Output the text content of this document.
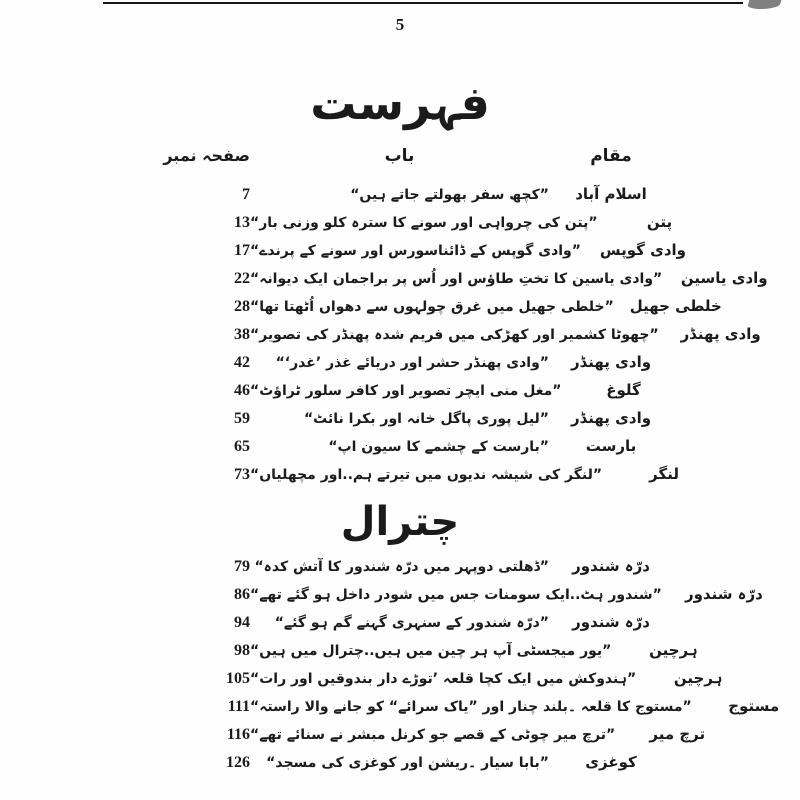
5
فہرست
صفحہ نمبر	باب	مقام
7	”کچھ سفر بھولتے جاتے ہیں“	اسلام آباد
13 ”پتن کی چرواہی اور سونے کا سترہ کلو وزنی بار“	پتن
17 ”وادی گوپس کے ڈائناسورس اور سونے کے پرندے“	وادی گوپس
22 ”وادی یاسین کا تختِ طاؤس اور اُس پر براجمان ایک دیوانہ“	وادی یاسین
28 ”خلطی جھیل میں غرق چولہوں سے دھواں اُٹھتا تھا“	خلطی جھیل
38 ”چھوٹا کشمیر اور کھڑکی میں فریم شدہ پھنڈر کی تصویر“	وادی پھنڈر
42	”وادی پھنڈر حشر اور دریائے غذر ’غدر‘“	وادی پھنڈر
46 ”مغل منی ایچر تصویر اور کافر سلور ٹراؤٹ“	گلوغ
59	”لیل پوری پاگل خانہ اور بکرا نائٹ“	وادی پھنڈر
65	”بارست کے چشمے کا سیون اپ“	بارست
73 ”لنگر کی شیشہ ندیوں میں تیرتے ہم..اور مچھلیاں“	لنگر
چترال
79 ”ڈھلتی دوپہر میں درّہ شندور کا آتش کدہ“	درّہ شندور
86 ”شندور ہٹ..ایک سومنات جس میں شودر داخل ہو گئے تھے“	درّہ شندور
94	”درّہ شندور کے سنہری گہنے گم ہو گئے“	درّہ شندور
98 ”یور میجسٹی آپ ہر چین میں ہیں..چترال میں ہیں“	ہرچین
105 ”ہندوکش میں ایک کچا قلعہ ’توڑے دار بندوقیں اور رات“	ہرچین
111 ”مستوج کا قلعہ ۔بلند چنار اور ”یاک سرائے“ کو جانے والا راستہ“	مستوج
116 ”ترچ میر چوٹی کے قصے جو کرنل مبشر نے سنائے تھے“	ترچ میر
126	”بابا سیار ۔ریشن اور کوغزی کی مسجد“	کوغزی
